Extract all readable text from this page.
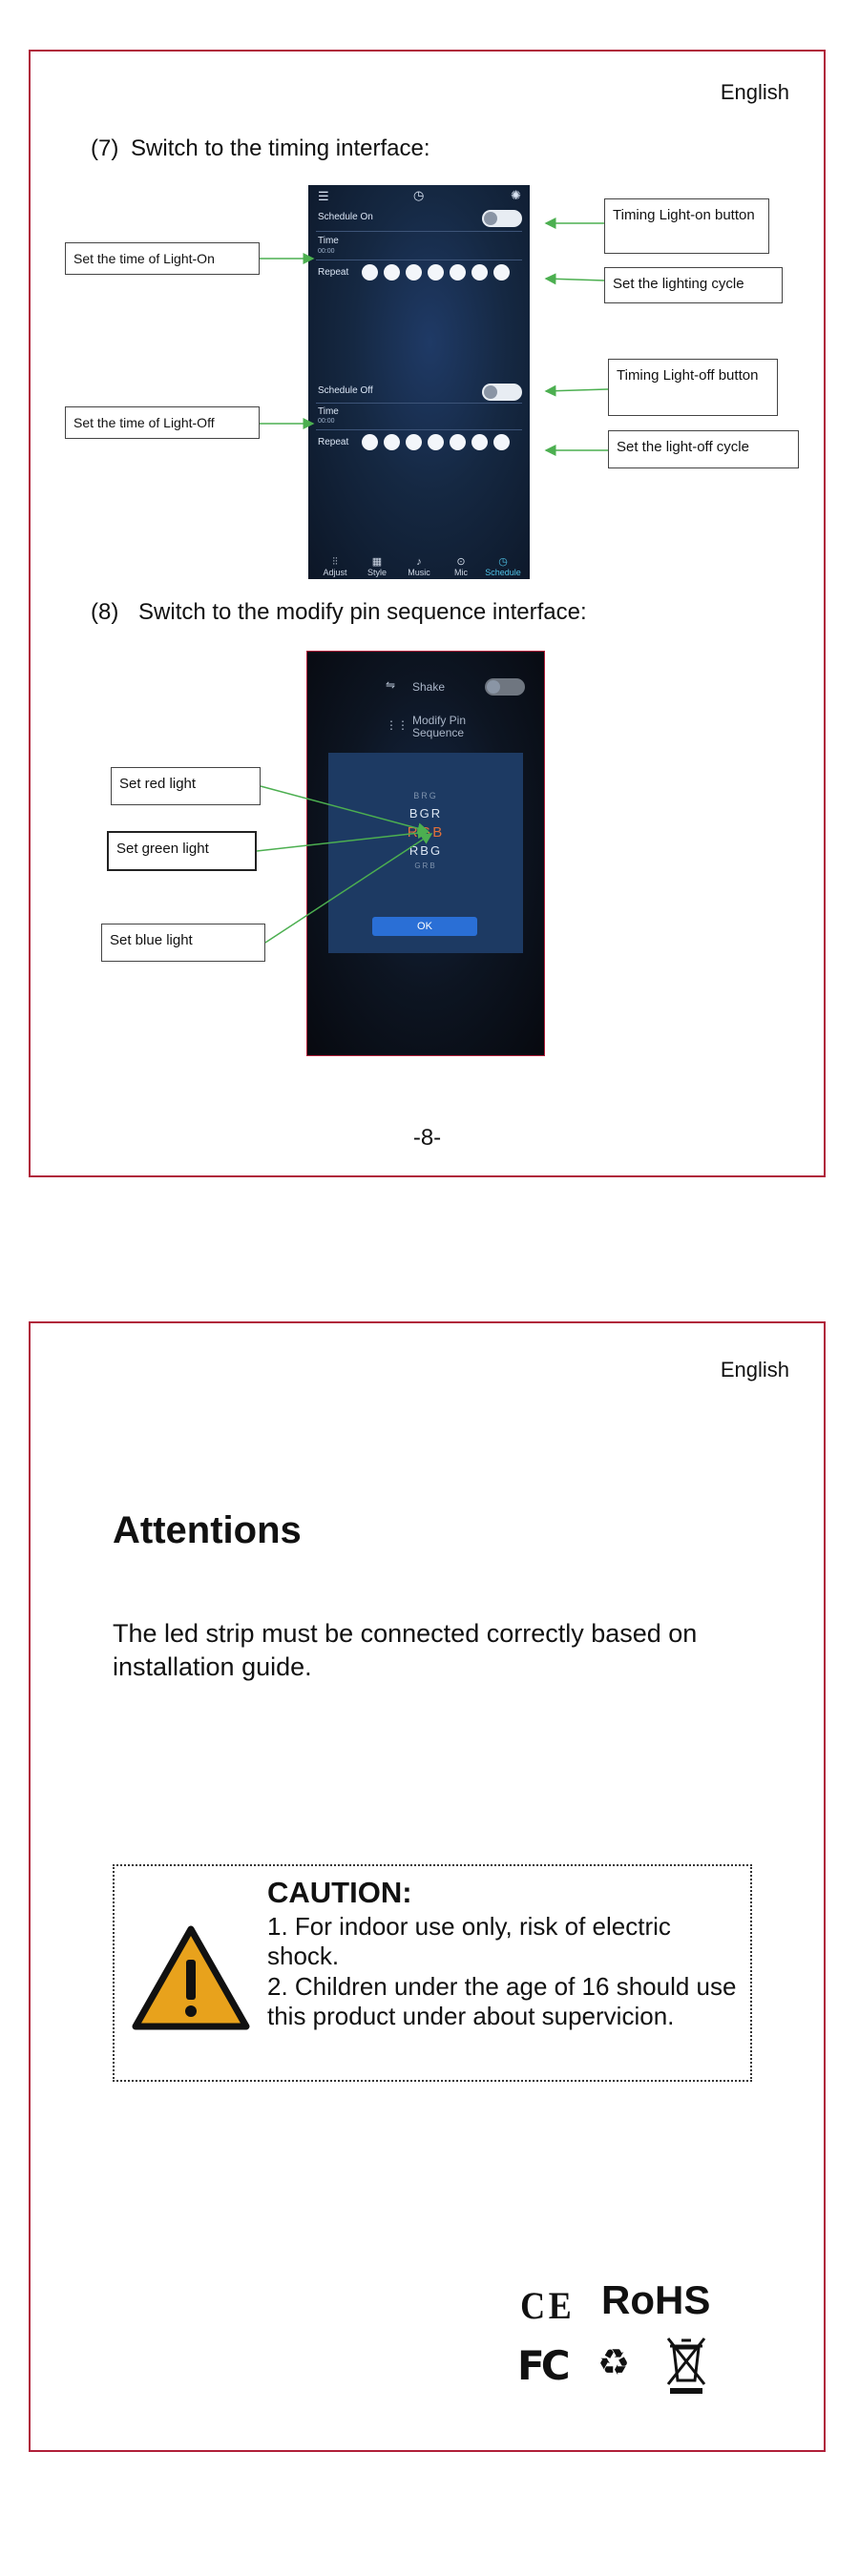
English
(7) Switch to the timing interface:
☰	◷	✺
Schedule On
Time
00:00
Repeat
Schedule Off
Time
00:00
Repeat
⫶⫶
Adjust
▦
Style
♪
Music
⊙
Mic
◷
Schedule
Set the time of Light-On
Timing Light-on button
Set the lighting cycle
Timing Light-off button
Set the time of Light-Off
Set the light-off cycle
(8) Switch to the modify pin sequence interface:
⇋ Shake
⋮⋮ Modify Pin Sequence
BRG
BGR
RGB
RBG
GRB
OK
Set red light
Set green light
Set blue light
-8-
English
Attentions
The led strip must be connected correctly based on installation guide.
CAUTION:
1. For indoor use only, risk of electric shock.
2. Children under the age of 16 should use this product under about supervicion.
CE RoHS
FC ♻
